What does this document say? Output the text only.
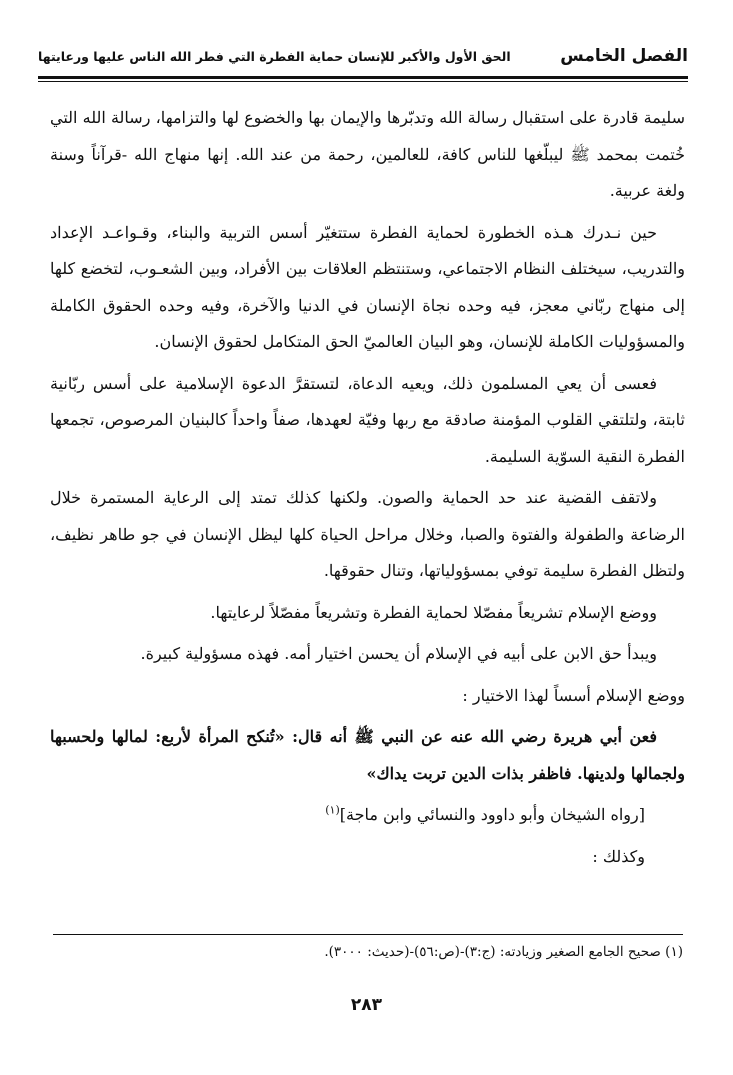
الفصل الخامس
الحق الأول والأكبر للإنسان حماية الفطرة التي فطر الله الناس عليها ورعايتها

سليمة قادرة على استقبال رسالة الله وتدبّرها والإيمان بها والخضوع لها والتزامها، رسالة الله التي خُتمت بمحمد ﷺ ليبلّغها للناس كافة، للعالمين، رحمة من عند الله. إنها منهاج الله -قرآناً وسنة ولغة عربية.

حين نـدرك هـذه الخطورة لحماية الفطرة ستتغيّر أسس التربية والبناء، وقـواعـد الإعداد والتدريب، سيختلف النظام الاجتماعي، وستنتظم العلاقات بين الأفراد، وبين الشعـوب، لتخضع كلها إلى منهاج ربّاني معجز، فيه وحده نجاة الإنسان في الدنيا والآخرة، وفيه وحده الحقوق الكاملة والمسؤوليات الكاملة للإنسان، وهو البيان العالميّ الحق المتكامل لحقوق الإنسان.

فعسى أن يعي المسلمون ذلك، ويعيه الدعاة، لتستقرَّ الدعوة الإسلامية على أسس ربّانية ثابتة، ولتلتقي القلوب المؤمنة صادقة مع ربها وفيّة لعهدها، صفاً واحداً كالبنيان المرصوص، تجمعها الفطرة النقية السوّية السليمة.

ولاتقف القضية عند حد الحماية والصون. ولكنها كذلك تمتد إلى الرعاية المستمرة خلال الرضاعة والطفولة والفتوة والصبا، وخلال مراحل الحياة كلها ليظل الإنسان في جو طاهر نظيف، ولتظل الفطرة سليمة توفي بمسؤولياتها، وتنال حقوقها.

ووضع الإسلام تشريعاً مفصّلا لحماية الفطرة وتشريعاً مفصّلاً لرعايتها.

ويبدأ حق الابن على أبيه في الإسلام أن يحسن اختيار أمه. فهذه مسؤولية كبيرة.

ووضع الإسلام أسساً لهذا الاختيار :

فعن أبي هريرة رضي الله عنه عن النبي ﷺ أنه قال: «تُنكح المرأة لأربع: لمالها ولحسبها ولجمالها ولدينها. فاظفر بذات الدين تربت يداك»

[رواه الشيخان وأبو داوود والنسائي وابن ماجة]$^{(١)}$

وكذلك :

(١) صحيح الجامع الصغير وزيادته: (ج:٣)-(ص:٥٦)-(حديث: ٣٠٠٠).
٢٨٣
